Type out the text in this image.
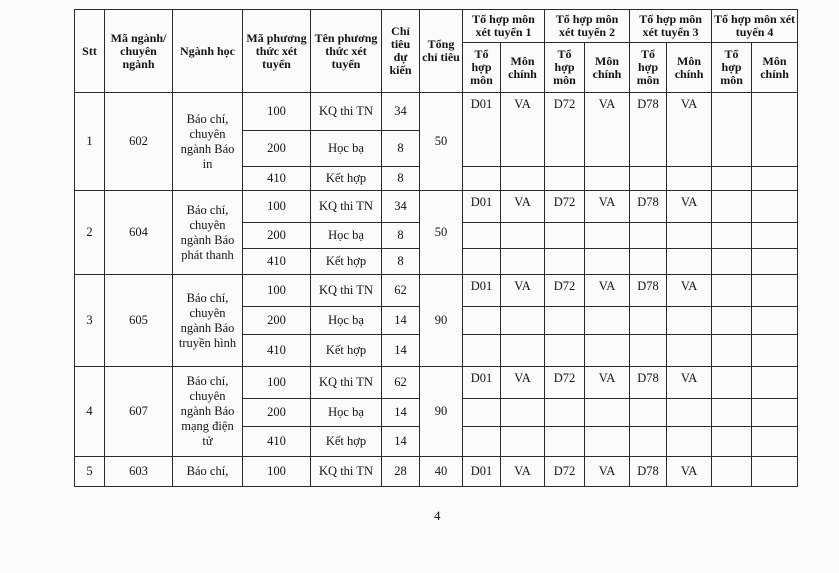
Stt	Mã ngành/ chuyên ngành	Ngành học	Mã phương thức xét tuyển	Tên phương thức xét tuyển	Chỉ tiêu dự kiến	Tổng chỉ tiêu	Tổ hợp môn xét tuyển 1		Tổ hợp môn xét tuyển 2		Tổ hợp môn xét tuyển 3		Tổ hợp môn xét tuyển 4	
							Tổ hợp môn	Môn chính	Tổ hợp môn	Môn chính	Tổ hợp môn	Môn chính	Tổ hợp môn	Môn chính
1	602	Báo chí, chuyên ngành Báo in	100	KQ thi TN	34	50	D01	VA	D72	VA	D78	VA		
			200	Học bạ	8									
			410	Kết hợp	8									
2	604	Báo chí, chuyên ngành Báo phát thanh	100	KQ thi TN	34	50	D01	VA	D72	VA	D78	VA		
			200	Học bạ	8									
			410	Kết hợp	8									
3	605	Báo chí, chuyên ngành Báo truyền hình	100	KQ thi TN	62	90	D01	VA	D72	VA	D78	VA		
			200	Học bạ	14									
			410	Kết hợp	14									
4	607	Báo chí, chuyên ngành Báo mạng điện tử	100	KQ thi TN	62	90	D01	VA	D72	VA	D78	VA		
			200	Học bạ	14									
			410	Kết hợp	14									
5	603	Báo chí,	100	KQ thi TN	28	40	D01	VA	D72	VA	D78	VA		
4
